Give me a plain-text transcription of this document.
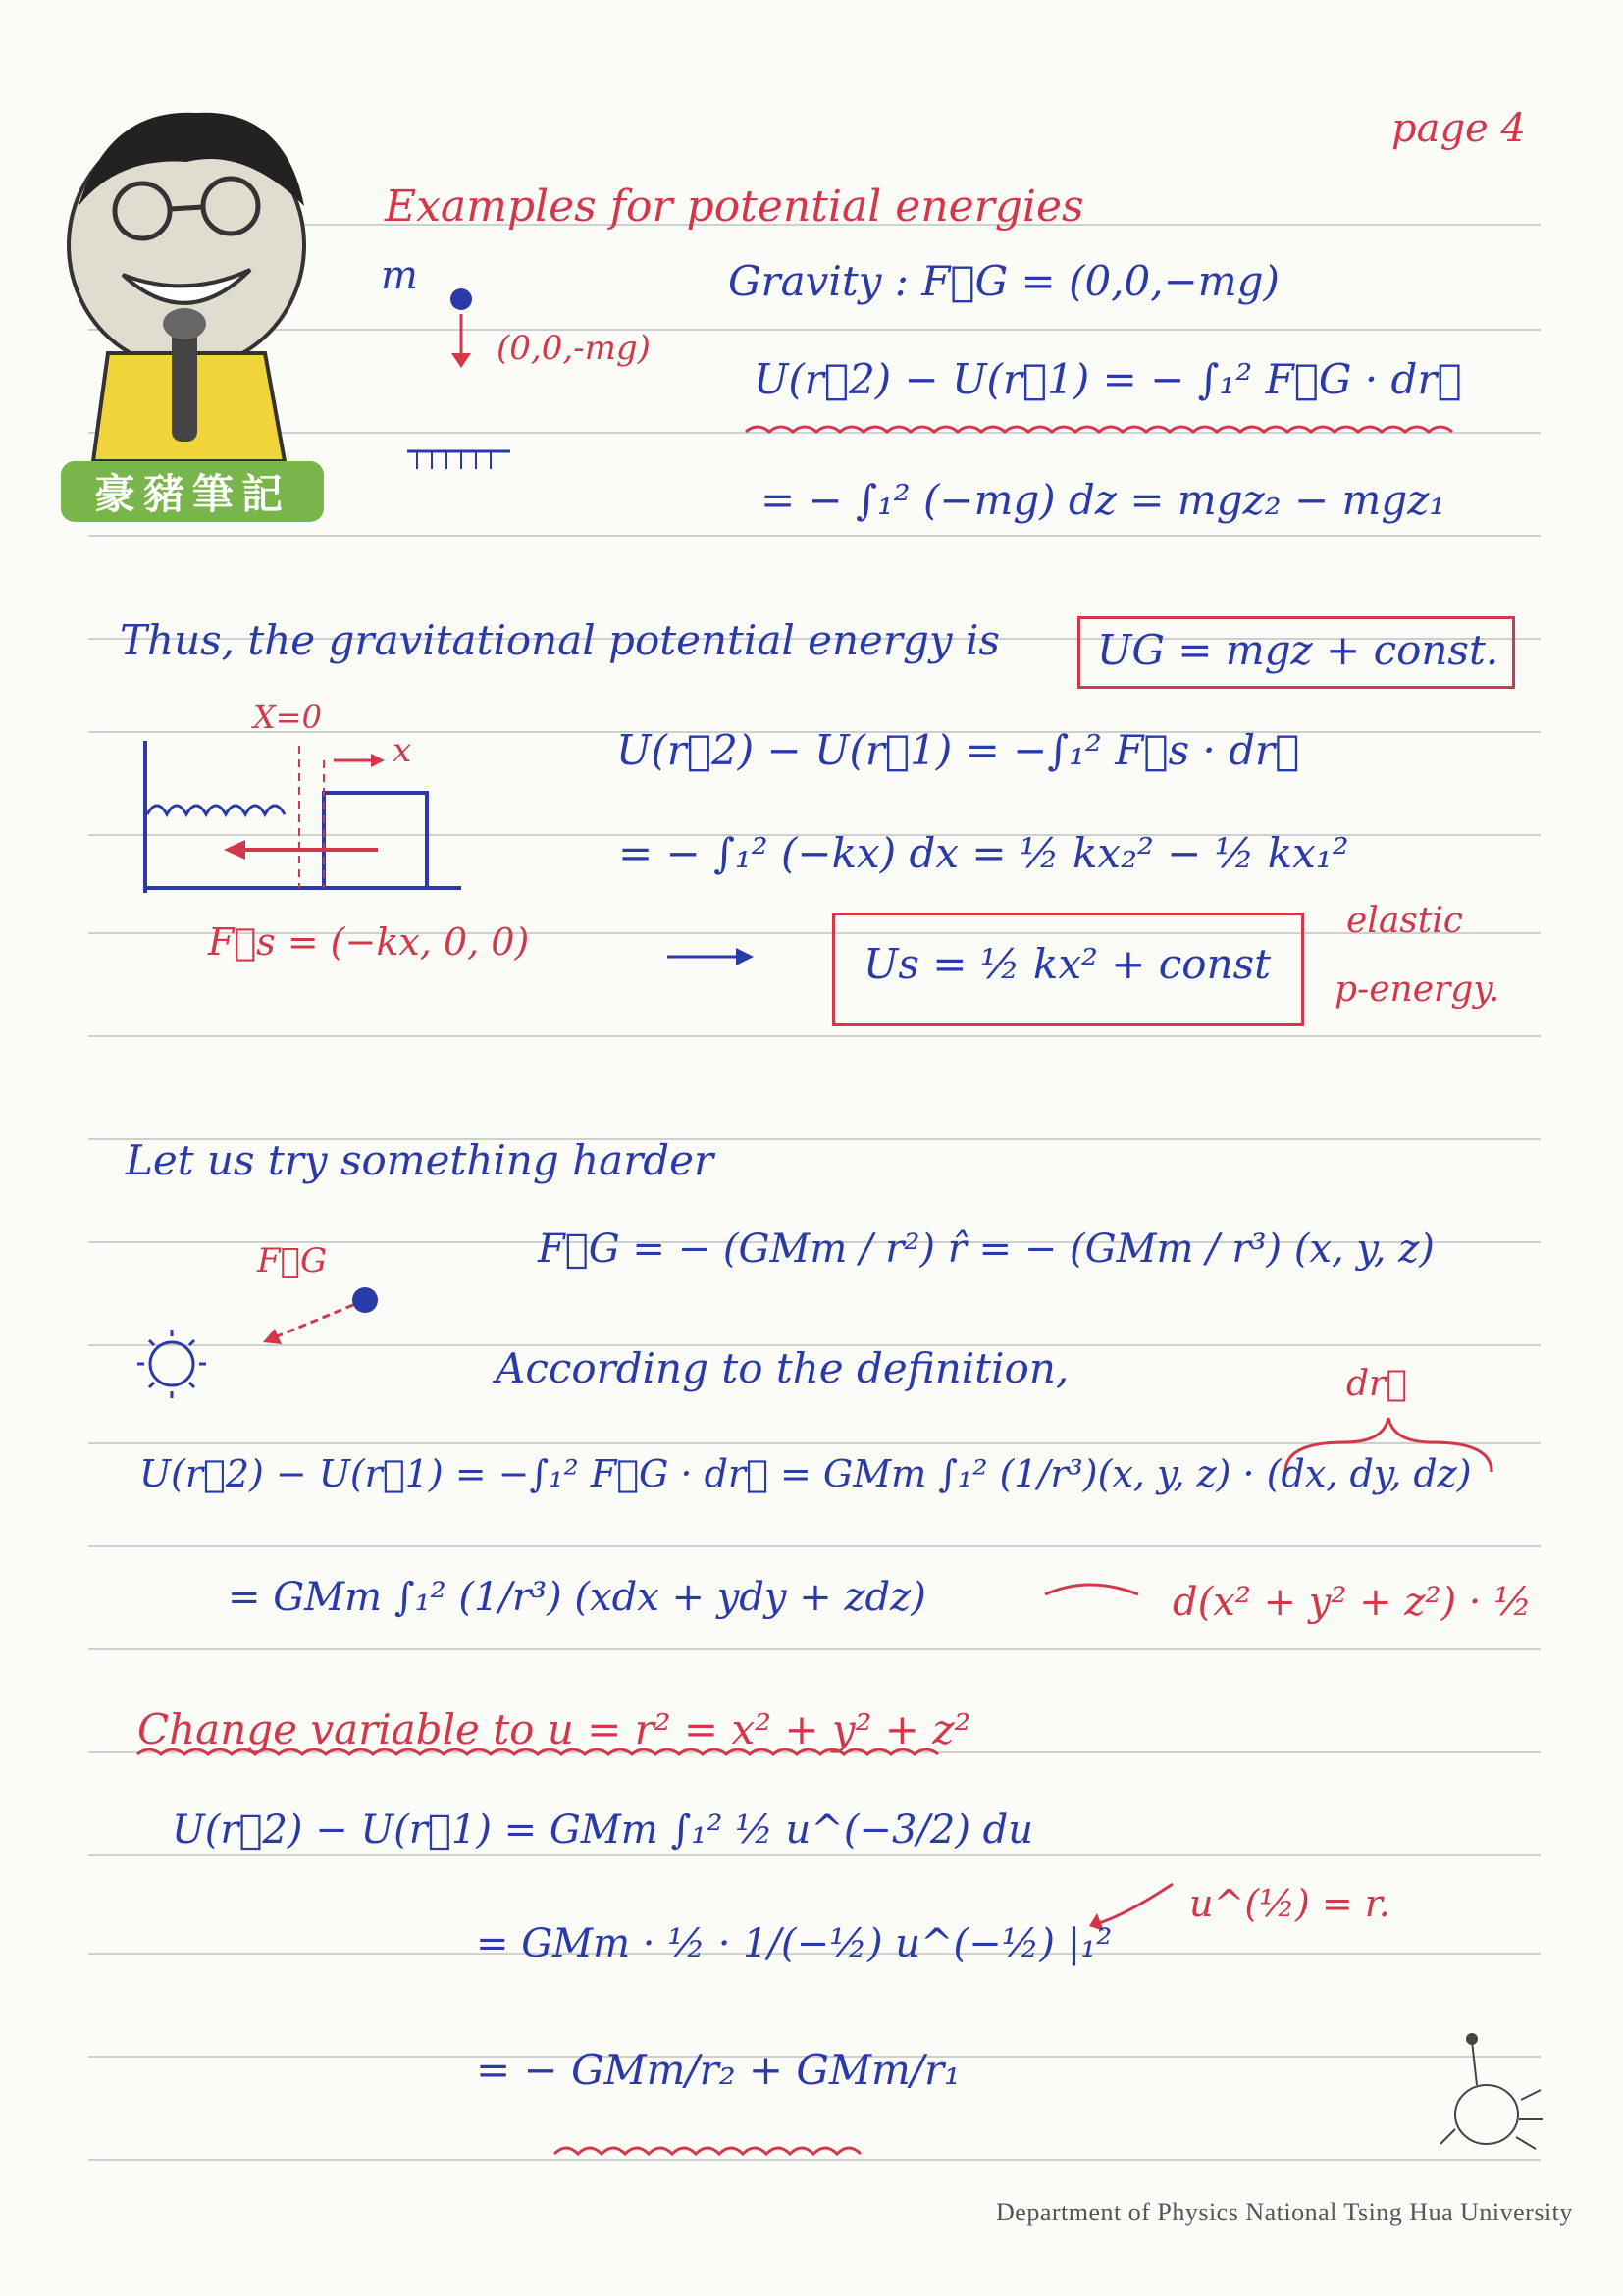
豪豬筆記
page 4
Examples for potential energies
m
(0,0,-mg)
Gravity : F⃗G = (0,0,−mg)
U(r⃗2) − U(r⃗1) = − ∫₁² F⃗G · dr⃗
= − ∫₁² (−mg) dz = mgz₂ − mgz₁
Thus, the gravitational potential energy is UG = mgz + const.
X=0
x
F⃗s = (−kx, 0, 0)
U(r⃗2) − U(r⃗1) = −∫₁² F⃗s · dr⃗
= − ∫₁² (−kx) dx = ½ kx₂² − ½ kx₁²
Us = ½ kx² + const
elastic
p-energy.
Let us try something harder
F⃗G	F⃗G = − (GMm / r²) r̂ = − (GMm / r³) (x, y, z)
According to the definition,	dr⃗
U(r⃗2) − U(r⃗1) = −∫₁² F⃗G · dr⃗ = GMm ∫₁² (1/r³)(x, y, z) · (dx, dy, dz)
= GMm ∫₁² (1/r³) (xdx + ydy + zdz)	d(x² + y² + z²) · ½
Change variable to u = r² = x² + y² + z²
U(r⃗2) − U(r⃗1) = GMm ∫₁² ½ u^(−3/2) du
= GMm · ½ · 1/(−½) u^(−½) |₁²
u^(½) = r.
= − GMm/r₂ + GMm/r₁
Department of Physics National Tsing Hua University
